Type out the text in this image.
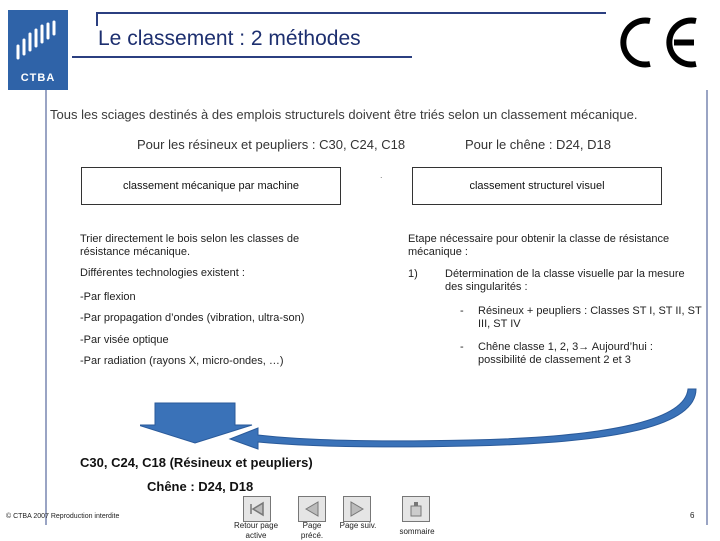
CTBA
Le classement : 2 méthodes
Tous les sciages destinés à des emplois structurels doivent être triés selon un classement mécanique.
Pour les résineux et peupliers : C30, C24, C18	Pour le chêne : D24, D18
classement mécanique par machine
.
classement structurel visuel
Trier directement le bois selon les classes de résistance mécanique.
Différentes technologies existent :
-Par flexion
-Par propagation d’ondes (vibration, ultra-son)
-Par visée optique
-Par radiation (rayons X, micro-ondes, …)
Etape nécessaire pour obtenir la classe de résistance mécanique :
1) Détermination de la classe visuelle par la mesure des singularités :
- Résineux + peupliers : Classes ST I, ST II, ST III, ST IV
- Chêne classe 1, 2, 3→ Aujourd’hui : possibilité de classement 2 et 3
C30, C24, C18 (Résineux et peupliers)
Chêne : D24, D18
© CTBA 2007 Reproduction interdite
Retour page active
Page précé.
Page suiv.
sommaire
6
